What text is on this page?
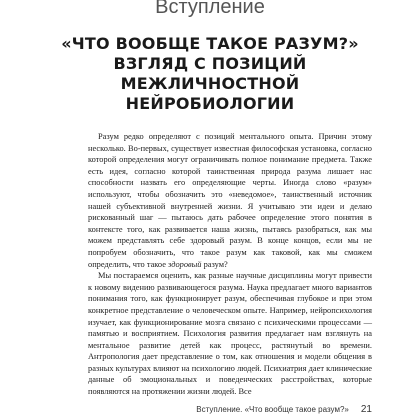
Вступление
«ЧТО ВООБЩЕ ТАКОЕ РАЗУМ?»
ВЗГЛЯД С ПОЗИЦИЙ
МЕЖЛИЧНОСТНОЙ
НЕЙРОБИОЛОГИИ

Разум редко определяют с позиций ментального опыта. Причин этому несколько. Во-первых, существует известная философская установка, согласно которой определения могут ограничивать полное понимание предмета. Также есть идея, согласно которой таинственная природа разума лишает нас способности назвать его определяющие черты. Иногда слово «разум» используют, чтобы обозначить это «неведомое», таинственный источник нашей субъективной внутренней жизни. Я учитываю эти идеи и делаю рискованный шаг — пытаюсь дать рабочее определение этого понятия в контексте того, как развивается наша жизнь, пытаясь разобраться, как мы можем представлять себе здоровый разум. В конце концов, если мы не попробуем обозначить, что такое разум как таковой, как мы сможем определить, что такое здоровый разум?

Мы постараемся оценить, как разные научные дисциплины могут привести к новому видению развивающегося разума. Наука предлагает много вариантов понимания того, как функционирует разум, обеспечивая глубокое и при этом конкретное представление о человеческом опыте. Например, нейропсихология изучает, как функционирование мозга связано с психическими процессами — памятью и восприятием. Психология развития предлагает нам взглянуть на ментальное развитие детей как процесс, растянутый во времени. Антропология дает представление о том, как отношения и модели общения в разных культурах влияют на психологию людей. Психиатрия дает клинические данные об эмоциональных и поведенческих расстройствах, которые появляются на протяжении жизни людей. Все

Вступление. «Что вообще такое разум?» 21
